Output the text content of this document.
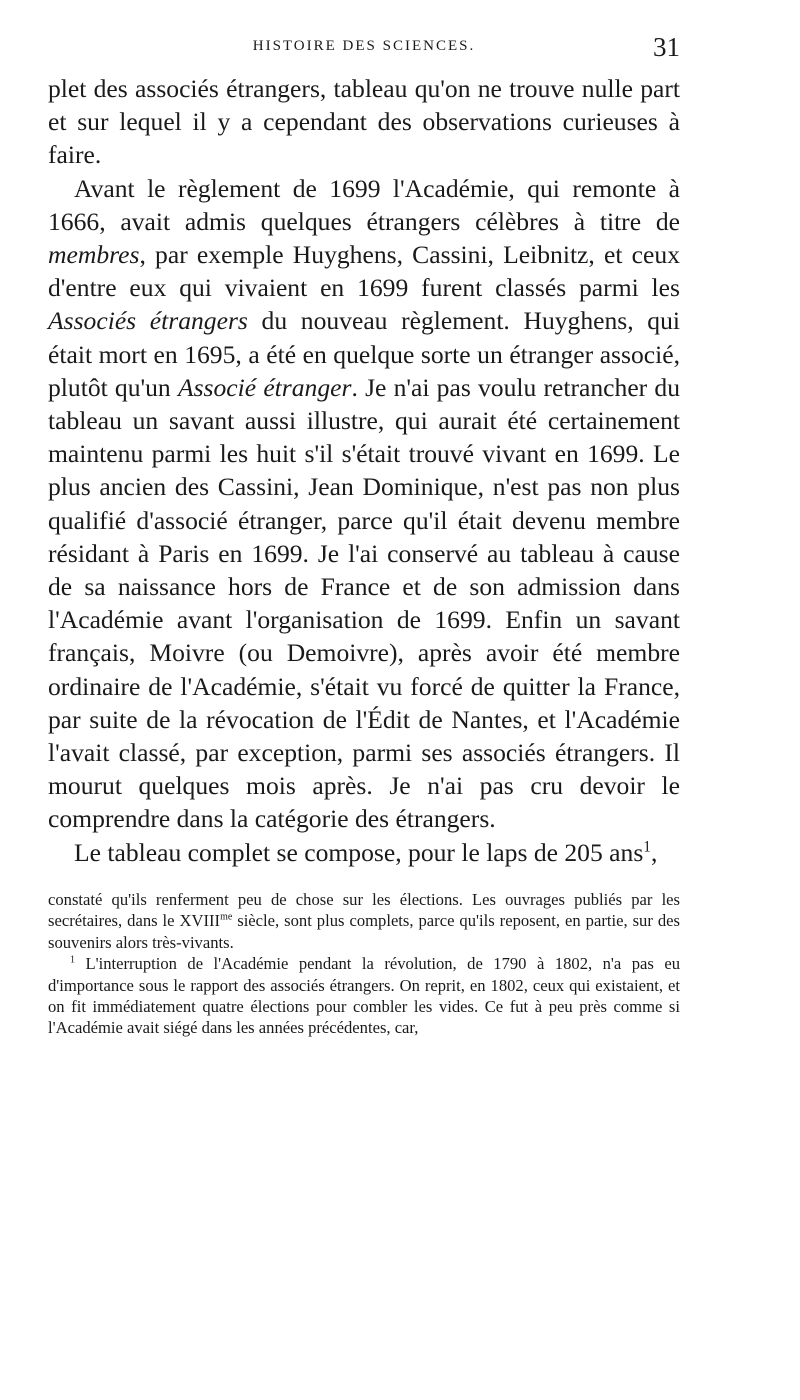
HISTOIRE DES SCIENCES.	31

plet des associés étrangers, tableau qu'on ne trouve nulle part et sur lequel il y a cependant des observations curieuses à faire.

Avant le règlement de 1699 l'Académie, qui remonte à 1666, avait admis quelques étrangers célèbres à titre de membres, par exemple Huyghens, Cassini, Leibnitz, et ceux d'entre eux qui vivaient en 1699 furent classés parmi les Associés étrangers du nouveau règlement. Huyghens, qui était mort en 1695, a été en quelque sorte un étranger associé, plutôt qu'un Associé étranger. Je n'ai pas voulu retrancher du tableau un savant aussi illustre, qui aurait été certainement maintenu parmi les huit s'il s'était trouvé vivant en 1699. Le plus ancien des Cassini, Jean Dominique, n'est pas non plus qualifié d'associé étranger, parce qu'il était devenu membre résidant à Paris en 1699. Je l'ai conservé au tableau à cause de sa naissance hors de France et de son admission dans l'Académie avant l'organisation de 1699. Enfin un savant français, Moivre (ou Demoivre), après avoir été membre ordinaire de l'Académie, s'était vu forcé de quitter la France, par suite de la révocation de l'Édit de Nantes, et l'Académie l'avait classé, par exception, parmi ses associés étrangers. Il mourut quelques mois après. Je n'ai pas cru devoir le comprendre dans la catégorie des étrangers.

Le tableau complet se compose, pour le laps de 205 ans$^1$,

constaté qu'ils renferment peu de chose sur les élections. Les ouvrages publiés par les secrétaires, dans le $XVIII^{me}$ siècle, sont plus complets, parce qu'ils reposent, en partie, sur des souvenirs alors très-vivants.

$^1$ L'interruption de l'Académie pendant la révolution, de 1790 à 1802, n'a pas eu d'importance sous le rapport des associés étrangers. On reprit, en 1802, ceux qui existaient, et on fit immédiatement quatre élections pour combler les vides. Ce fut à peu près comme si l'Académie avait siégé dans les années précédentes, car,
